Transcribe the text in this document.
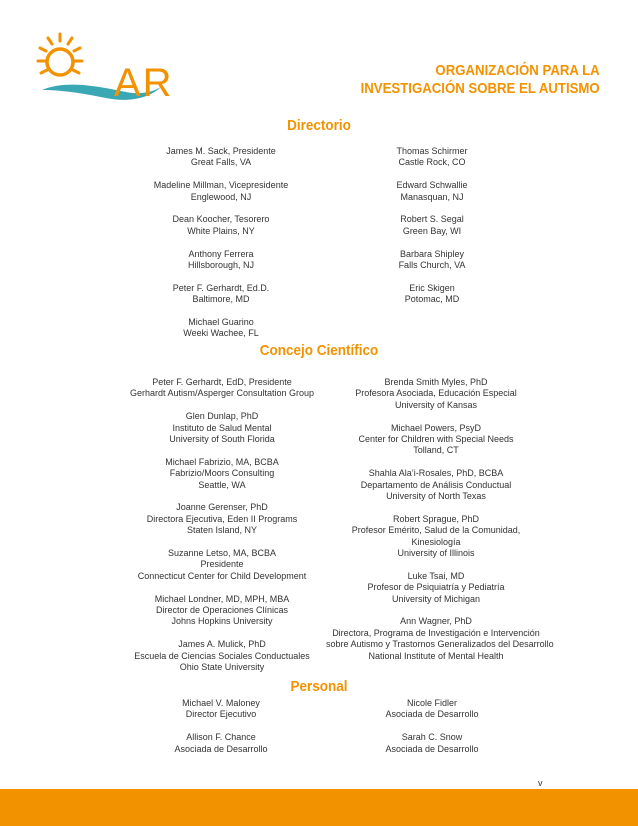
AR	ORGANIZACIÓN PARA LA
INVESTIGACIÓN SOBRE EL AUTISMO
Directorio
James M. Sack, Presidente
Great Falls, VA
Madeline Millman, Vicepresidente
Englewood, NJ
Dean Koocher, Tesorero
White Plains, NY
Anthony Ferrera
Hillsborough, NJ
Peter F. Gerhardt, Ed.D.
Baltimore, MD
Michael Guarino
Weeki Wachee, FL
Thomas Schirmer
Castle Rock, CO
Edward Schwallie
Manasquan, NJ
Robert S. Segal
Green Bay, WI
Barbara Shipley
Falls Church, VA
Eric Skigen
Potomac, MD
Concejo Científico
Peter F. Gerhardt, EdD, Presidente
Gerhardt Autism/Asperger Consultation Group
Glen Dunlap, PhD
Instituto de Salud Mental
University of South Florida
Michael Fabrizio, MA, BCBA
Fabrizio/Moors Consulting
Seattle, WA
Joanne Gerenser, PhD
Directora Ejecutiva, Eden II Programs
Staten Island, NY
Suzanne Letso, MA, BCBA
Presidente
Connecticut Center for Child Development
Michael Londner, MD, MPH, MBA
Director de Operaciones Clínicas
Johns Hopkins University
James A. Mulick, PhD
Escuela de Ciencias Sociales Conductuales
Ohio State University
Brenda Smith Myles, PhD
Profesora Asociada, Educación Especial
University of Kansas
Michael Powers, PsyD
Center for Children with Special Needs
Tolland, CT
Shahla Ala’i-Rosales, PhD, BCBA
Departamento de Análisis Conductual
University of North Texas
Robert Sprague, PhD
Profesor Emérito, Salud de la Comunidad,
Kinesiología
University of Illinois
Luke Tsai, MD
Profesor de Psiquiatría y Pediatría
University of Michigan
Ann Wagner, PhD
Directora, Programa de Investigación e Intervención
sobre Autismo y Trastornos Generalizados del Desarrollo
National Institute of Mental Health
Personal
Michael V. Maloney
Director Ejecutivo
Allison F. Chance
Asociada de Desarrollo
Nicole Fidler
Asociada de Desarrollo
Sarah C. Snow
Asociada de Desarrollo
v
